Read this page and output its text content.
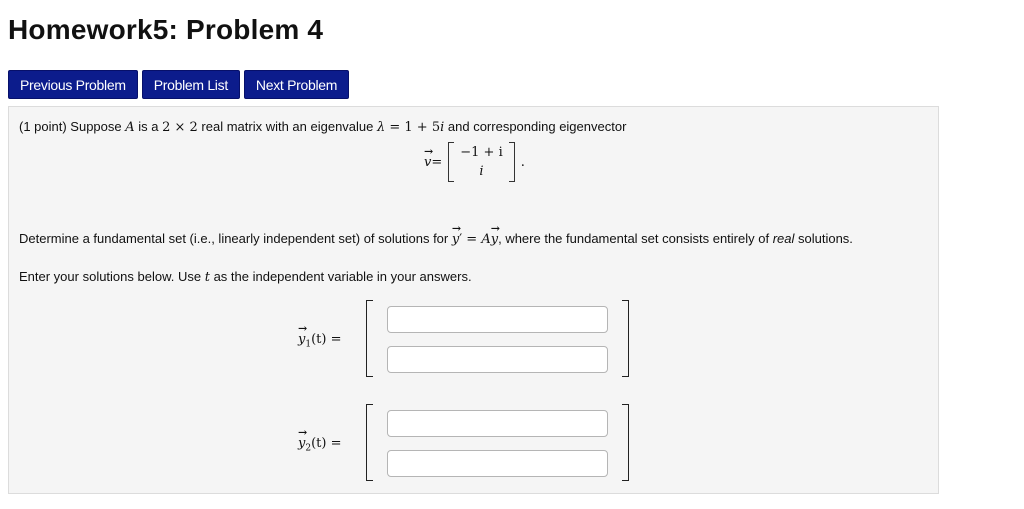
Homework5: Problem 4
Previous Problem	Problem List	Next Problem
(1 point) Suppose A is a 2 × 2 real matrix with an eigenvalue λ = 1 + 5i and corresponding eigenvector
→ v =
−1 + i
i
.
Determine a fundamental set (i.e., linearly independent set) of solutions for → y′ = A→ y, where the fundamental set consists entirely of real solutions.
Enter your solutions below. Use t as the independent variable in your answers.
→ $y_1(t)$ =
→ $y_2(t)$ =
